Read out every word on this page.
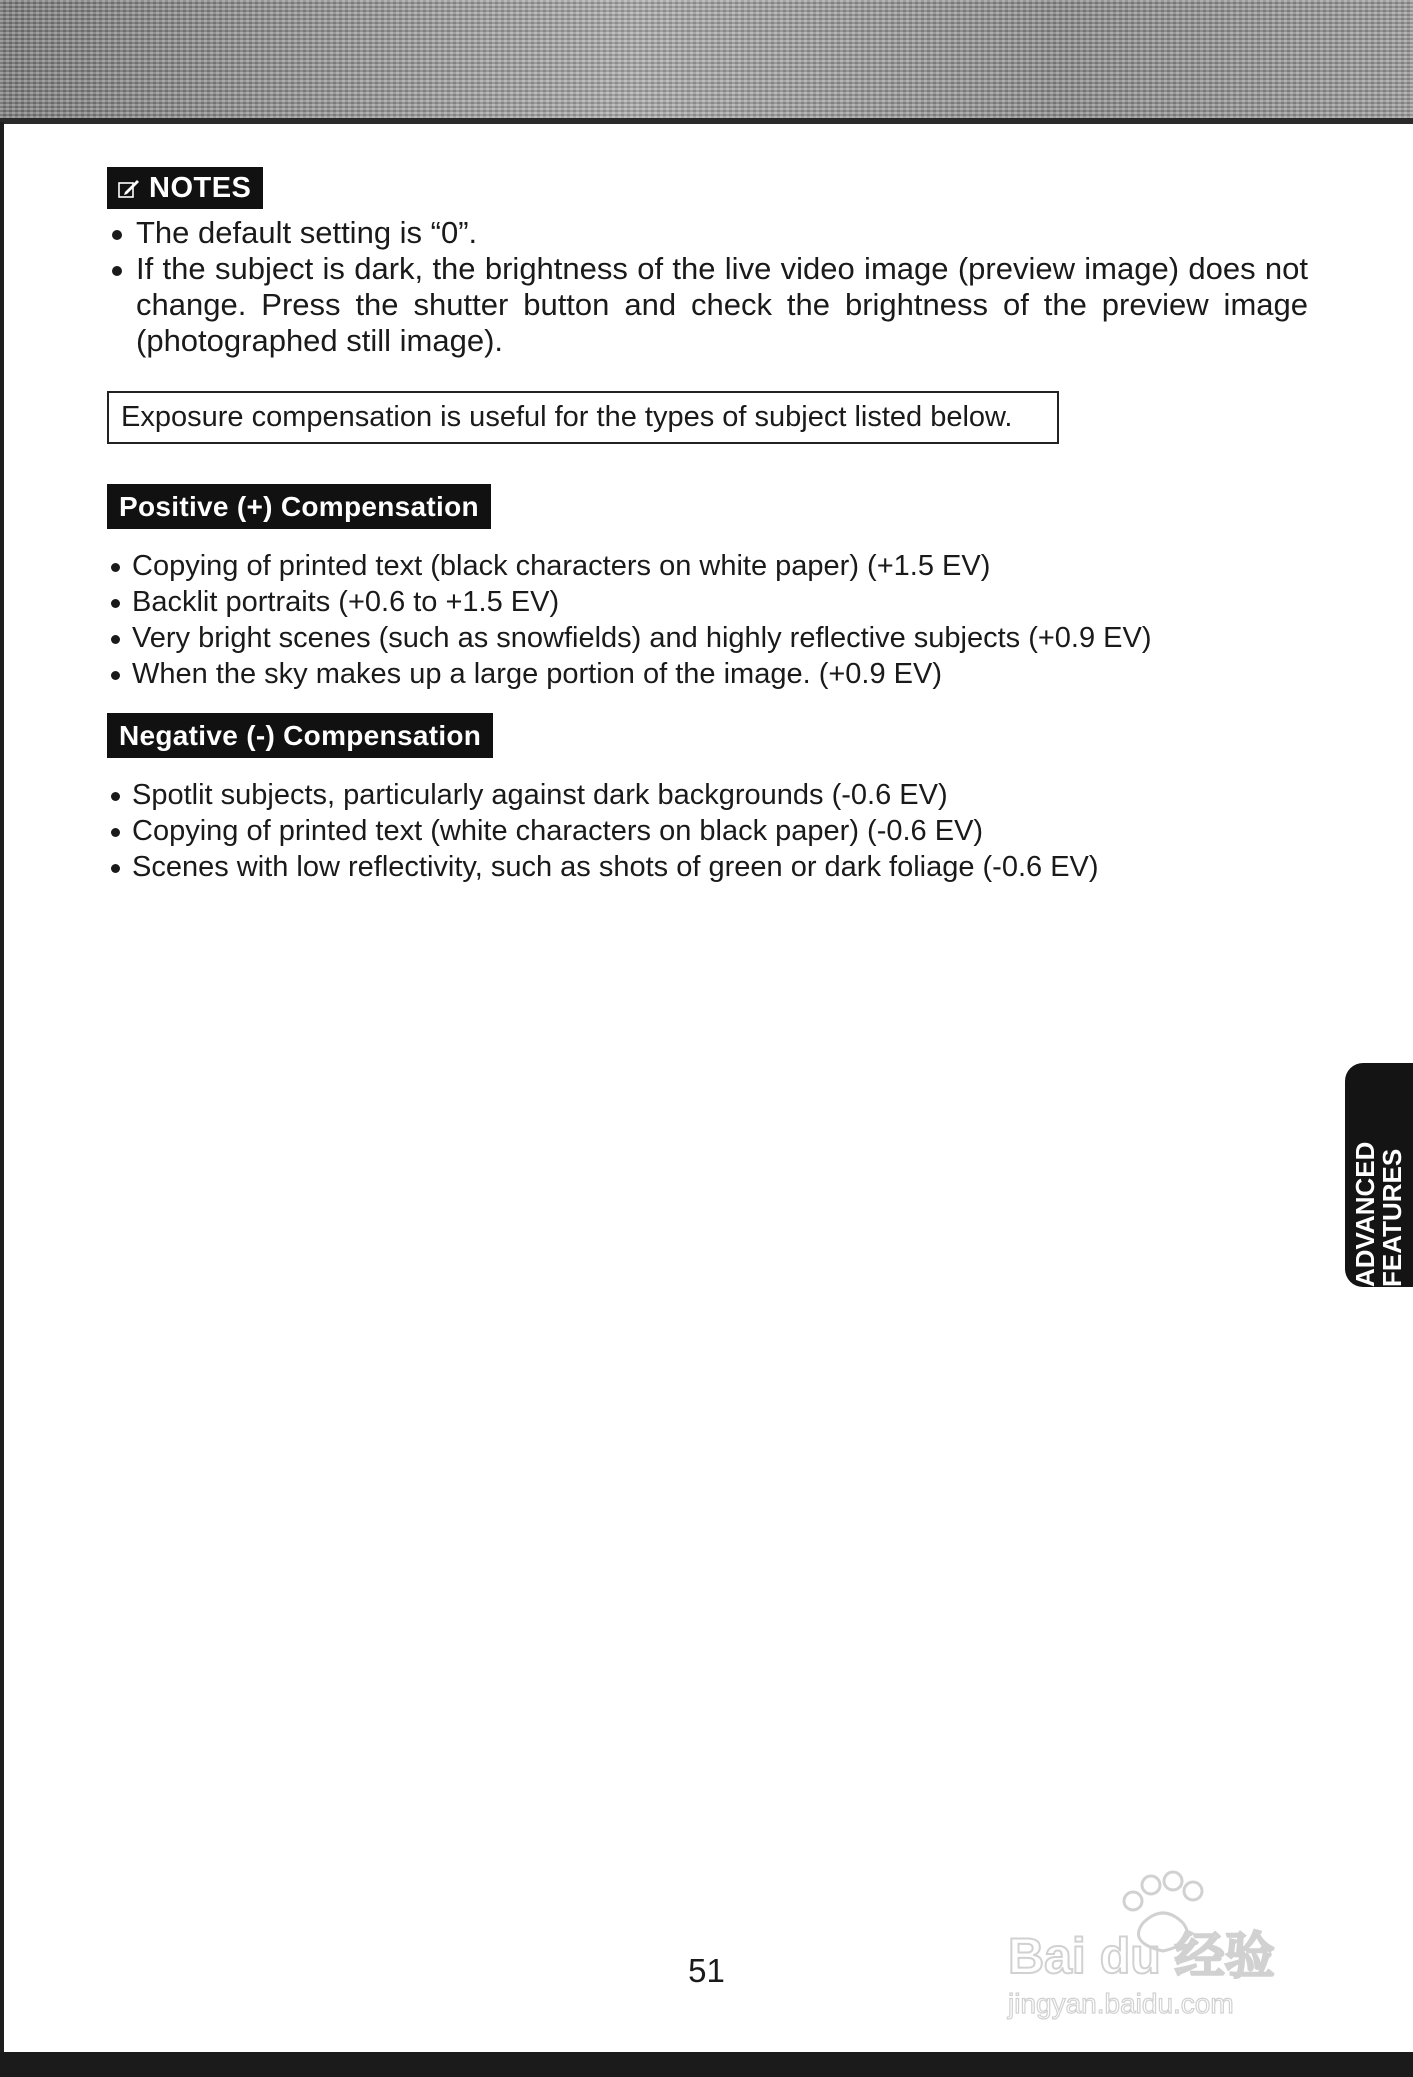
NOTES
The default setting is “0”.
If the subject is dark, the brightness of the live video image (preview image) does not change. Press the shutter button and check the brightness of the preview image (photographed still image).
Exposure compensation is useful for the types of subject listed below.
Positive (+) Compensation
Copying of printed text (black characters on white paper) (+1.5 EV)
Backlit portraits (+0.6 to +1.5 EV)
Very bright scenes (such as snowfields) and highly reflective subjects (+0.9 EV)
When the sky makes up a large portion of the image. (+0.9 EV)
Negative (-) Compensation
Spotlit subjects, particularly against dark backgrounds (-0.6 EV)
Copying of printed text (white characters on black paper) (-0.6 EV)
Scenes with low reflectivity, such as shots of green or dark foliage (-0.6 EV)
ADVANCED
FEATURES
51	Bai du 经验
jingyan.baidu.com
